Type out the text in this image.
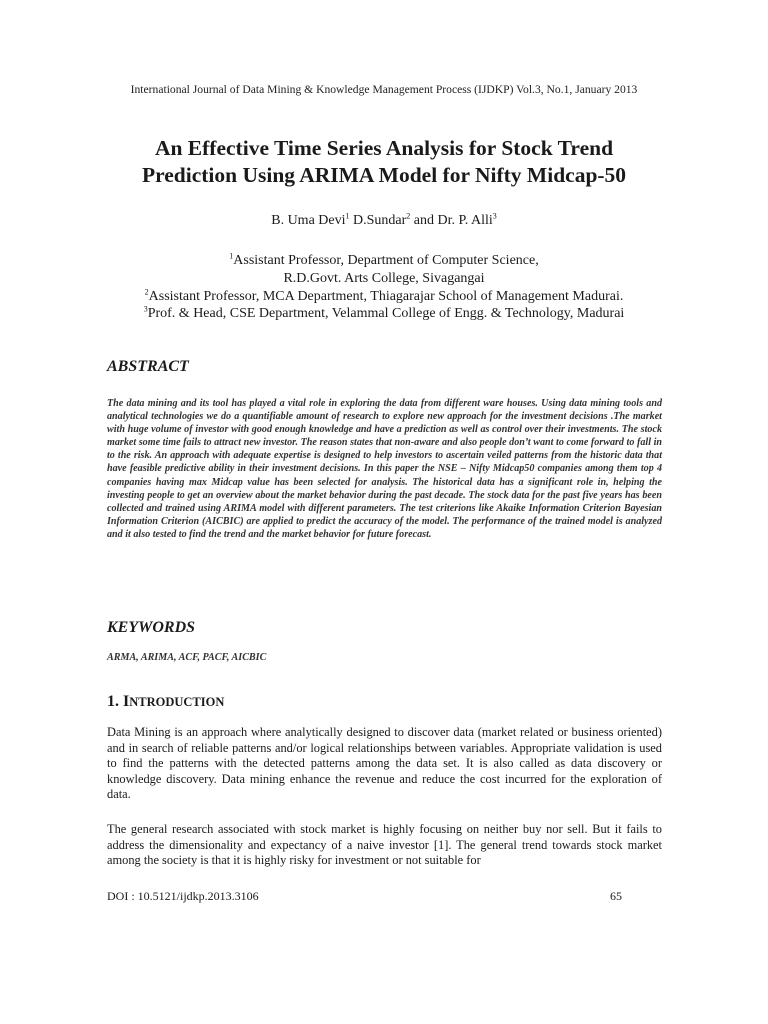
International Journal of Data Mining & Knowledge Management Process (IJDKP) Vol.3, No.1, January 2013
An Effective Time Series Analysis for Stock Trend
Prediction Using ARIMA Model for Nifty Midcap-50
B. Uma Devi$^1$ D.Sundar$^2$ and Dr. P. Alli$^3$
$^1$Assistant Professor, Department of Computer Science,
R.D.Govt. Arts College, Sivagangai
$^2$Assistant Professor, MCA Department, Thiagarajar School of Management Madurai.
$^3$Prof. & Head, CSE Department, Velammal College of Engg. & Technology, Madurai
ABSTRACT
The data mining and its tool has played a vital role in exploring the data from different ware houses. Using data mining tools and analytical technologies we do a quantifiable amount of research to explore new approach for the investment decisions .The market with huge volume of investor with good enough knowledge and have a prediction as well as control over their investments. The stock market some time fails to attract new investor. The reason states that non-aware and also people don’t want to come forward to fall in to the risk. An approach with adequate expertise is designed to help investors to ascertain veiled patterns from the historic data that have feasible predictive ability in their investment decisions. In this paper the NSE – Nifty Midcap50 companies among them top 4 companies having max Midcap value has been selected for analysis. The historical data has a significant role in, helping the investing people to get an overview about the market behavior during the past decade. The stock data for the past five years has been collected and trained using ARIMA model with different parameters. The test criterions like Akaike Information Criterion Bayesian Information Criterion (AICBIC) are applied to predict the accuracy of the model. The performance of the trained model is analyzed and it also tested to find the trend and the market behavior for future forecast.
KEYWORDS
ARMA, ARIMA, ACF, PACF, AICBIC
1. INTRODUCTION
Data Mining is an approach where analytically designed to discover data (market related or business oriented) and in search of reliable patterns and/or logical relationships between variables. Appropriate validation is used to find the patterns with the detected patterns among the data set. It is also called as data discovery or knowledge discovery. Data mining enhance the revenue and reduce the cost incurred for the exploration of data.
The general research associated with stock market is highly focusing on neither buy nor sell. But it fails to address the dimensionality and expectancy of a naive investor [1]. The general trend towards stock market among the society is that it is highly risky for investment or not suitable for
DOI : 10.5121/ijdkp.2013.3106	65
